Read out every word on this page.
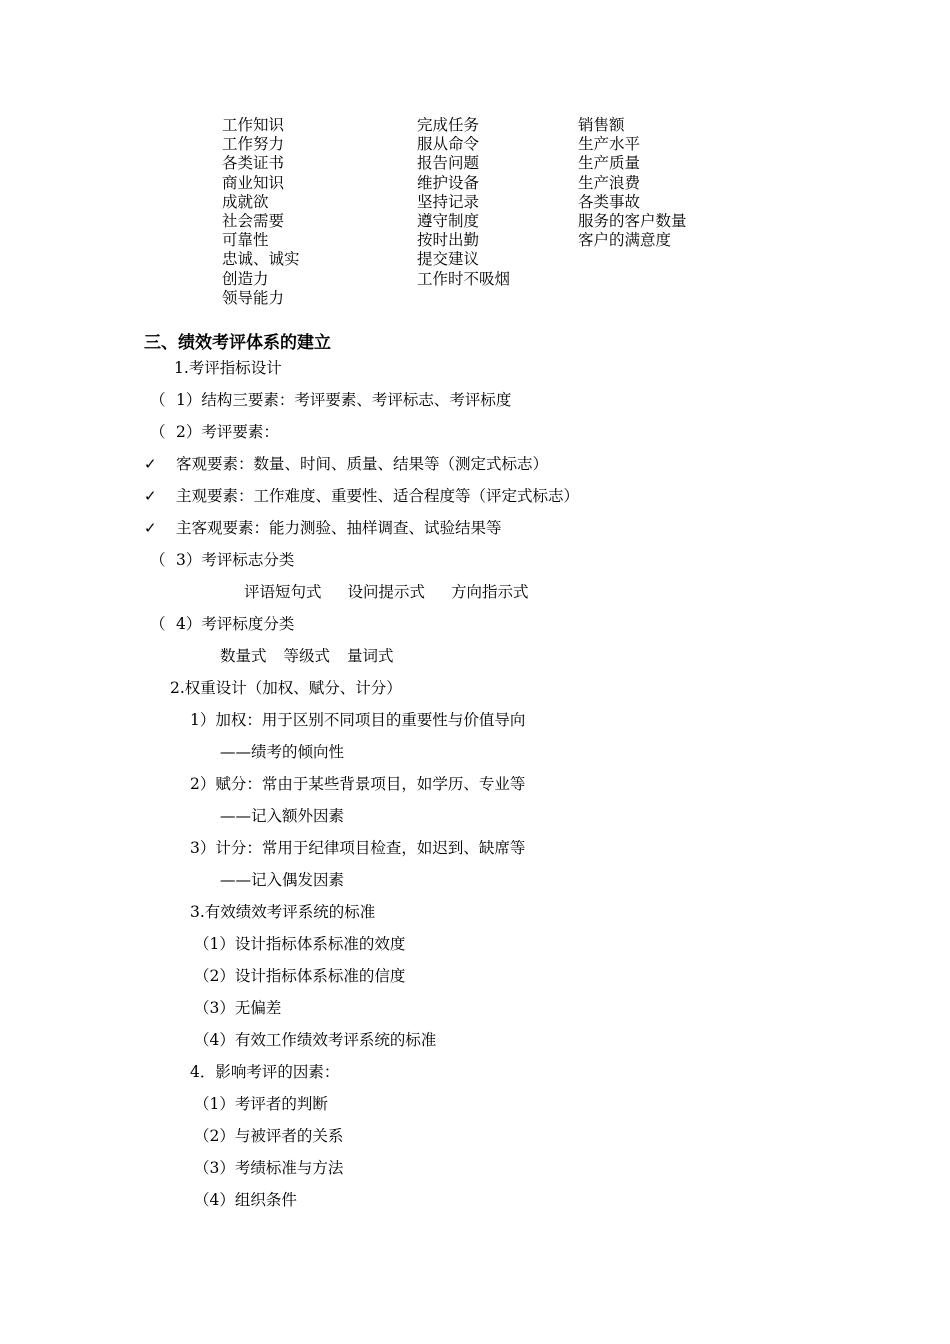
工作知识
工作努力
各类证书
商业知识
成就欲
社会需要
可靠性
忠诚、诚实
创造力
领导能力
完成任务
服从命令
报告问题
维护设备
坚持记录
遵守制度
按时出勤
提交建议
工作时不吸烟
销售额
生产水平
生产质量
生产浪费
各类事故
服务的客户数量
客户的满意度
三、绩效考评体系的建立
1.考评指标设计
（ 1）结构三要素：考评要素、考评标志、考评标度
（ 2）考评要素：
✓ 客观要素：数量、时间、质量、结果等（测定式标志）
✓ 主观要素：工作难度、重要性、适合程度等（评定式标志）
✓ 主客观要素：能力测验、抽样调查、试验结果等
（ 3）考评标志分类
评语短句式 设问提示式 方向指示式
（ 4）考评标度分类
数量式 等级式 量词式
2.权重设计（加权、赋分、计分）
1）加权：用于区别不同项目的重要性与价值导向
——绩考的倾向性
2）赋分：常由于某些背景项目，如学历、专业等
——记入额外因素
3）计分：常用于纪律项目检查，如迟到、缺席等
——记入偶发因素
3.有效绩效考评系统的标准
（1）设计指标体系标准的效度
（2）设计指标体系标准的信度
（3）无偏差
（4）有效工作绩效考评系统的标准
4．影响考评的因素：
（1）考评者的判断
（2）与被评者的关系
（3）考绩标准与方法
（4）组织条件
